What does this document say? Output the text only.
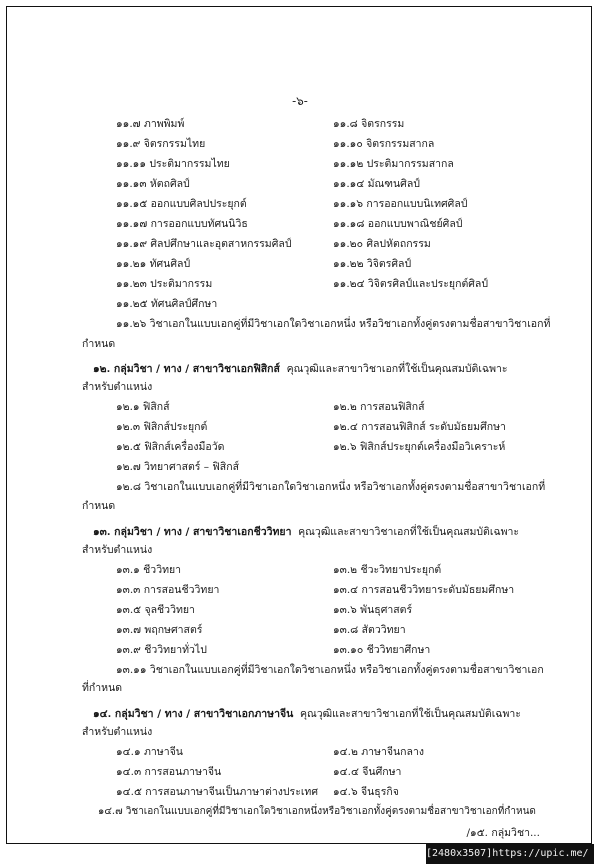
-๖-
๑๑.๗ ภาพพิมพ์	๑๑.๘ จิตรกรรม
๑๑.๙ จิตรกรรมไทย	๑๑.๑๐ จิตรกรรมสากล
๑๑.๑๑ ประติมากรรมไทย	๑๑.๑๒ ประติมากรรมสากล
๑๑.๑๓ หัตถศิลป์	๑๑.๑๔ มัณฑนศิลป์
๑๑.๑๕ ออกแบบศิลปประยุกต์	๑๑.๑๖ การออกแบบนิเทศศิลป์
๑๑.๑๗ การออกแบบทัศนนิวิธ	๑๑.๑๘ ออกแบบพาณิชย์ศิลป์
๑๑.๑๙ ศิลปศึกษาและอุตสาหกรรมศิลป์	๑๑.๒๐ ศิลปหัตถกรรม
๑๑.๒๑ ทัศนศิลป์	๑๑.๒๒ วิจิตรศิลป์
๑๑.๒๓ ประติมากรรม	๑๑.๒๔ วิจิตรศิลป์และประยุกต์ศิลป์
๑๑.๒๕ ทัศนศิลป์ศึกษา
๑๑.๒๖ วิชาเอกในแบบเอกคู่ที่มีวิชาเอกใดวิชาเอกหนึ่ง หรือวิชาเอกทั้งคู่ตรงตามชื่อสาขาวิชาเอกที่
กำหนด
๑๒. กลุ่มวิชา / ทาง / สาขาวิชาเอกฟิสิกส์ คุณวุฒิและสาขาวิชาเอกที่ใช้เป็นคุณสมบัติเฉพาะ
สำหรับตำแหน่ง
๑๒.๑ ฟิสิกส์	๑๒.๒ การสอนฟิสิกส์
๑๒.๓ ฟิสิกส์ประยุกต์	๑๒.๔ การสอนฟิสิกส์ ระดับมัธยมศึกษา
๑๒.๕ ฟิสิกส์เครื่องมือวัด	๑๒.๖ ฟิสิกส์ประยุกต์เครื่องมือวิเคราะห์
๑๒.๗ วิทยาศาสตร์ – ฟิสิกส์
๑๒.๘ วิชาเอกในแบบเอกคู่ที่มีวิชาเอกใดวิชาเอกหนึ่ง หรือวิชาเอกทั้งคู่ตรงตามชื่อสาขาวิชาเอกที่
กำหนด
๑๓. กลุ่มวิชา / ทาง / สาขาวิชาเอกชีววิทยา คุณวุฒิและสาขาวิชาเอกที่ใช้เป็นคุณสมบัติเฉพาะ
สำหรับตำแหน่ง
๑๓.๑ ชีววิทยา	๑๓.๒ ชีวะวิทยาประยุกต์
๑๓.๓ การสอนชีววิทยา	๑๓.๔ การสอนชีววิทยาระดับมัธยมศึกษา
๑๓.๕ จุลชีววิทยา	๑๓.๖ พันธุศาสตร์
๑๓.๗ พฤกษศาสตร์	๑๓.๘ สัตววิทยา
๑๓.๙ ชีววิทยาทั่วไป	๑๓.๑๐ ชีววิทยาศึกษา
๑๓.๑๑ วิชาเอกในแบบเอกคู่ที่มีวิชาเอกใดวิชาเอกหนึ่ง หรือวิชาเอกทั้งคู่ตรงตามชื่อสาขาวิชาเอก
ที่กำหนด
๑๔. กลุ่มวิชา / ทาง / สาขาวิชาเอกภาษาจีน คุณวุฒิและสาขาวิชาเอกที่ใช้เป็นคุณสมบัติเฉพาะ
สำหรับตำแหน่ง
๑๔.๑ ภาษาจีน	๑๔.๒ ภาษาจีนกลาง
๑๔.๓ การสอนภาษาจีน	๑๔.๔ จีนศึกษา
๑๔.๕ การสอนภาษาจีนเป็นภาษาต่างประเทศ ๑๔.๖ จีนธุรกิจ
๑๔.๗ วิชาเอกในแบบเอกคู่ที่มีวิชาเอกใดวิชาเอกหนึ่งหรือวิชาเอกทั้งคู่ตรงตามชื่อสาขาวิชาเอกที่กำหนด
/๑๕. กลุ่มวิชา...
[2480x3507]https://upic.me/
